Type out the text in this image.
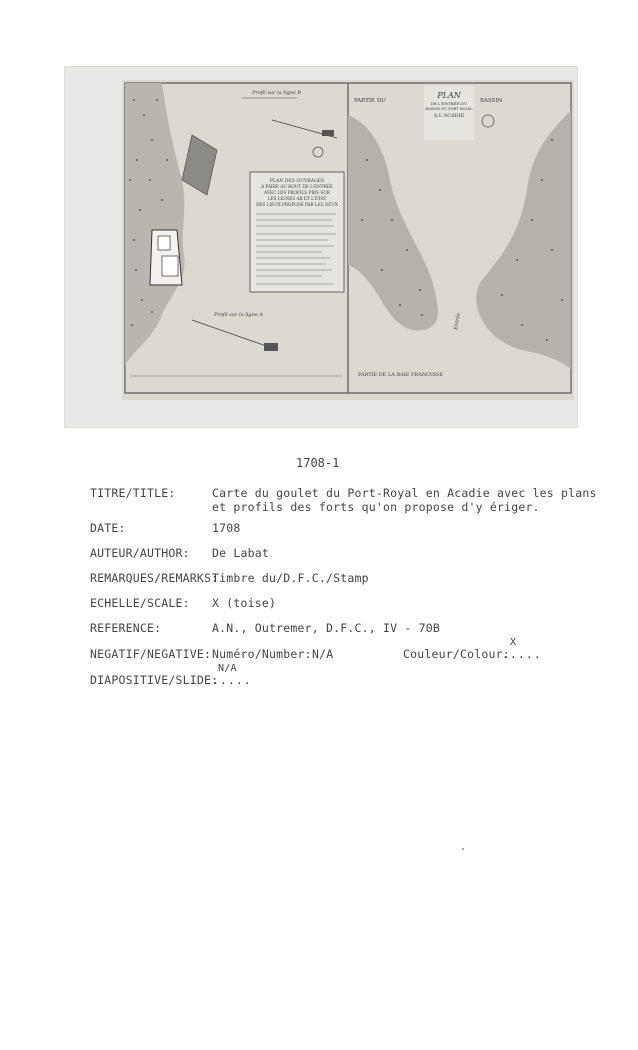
Profil sur la ligne B
Profil sur la ligne A
PLAN DES OUVRAGES
A FAIRE AU BOUT DE L'ENTRÉE
AVEC LES PROFILS PRIS SUR
LES LIGNES AB ET L'ETAT
DES LIEUX PROPOSÉ PAR LES DEUX
PLAN
DE L'ENTRÉE DU
BASSIN DU PORT ROYAL
A L'ACADIE
PARTIE DU	BASSIN
PARTIE DE LA BAIE FRANCOISE
Entrée
1708-1
TITRE/TITLE:	Carte du goulet du Port-Royal en Acadie avec les plans
et profils des forts qu'on propose d'y ériger.
DATE:	1708
AUTEUR/AUTHOR: De Labat
REMARQUES/REMARKS:
Timbre du/D.F.C./Stamp
ECHELLE/SCALE: X (toise)
REFERENCE:	A.N., Outremer, D.F.C., IV - 70B
NEGATIF/NEGATIVE: Numéro/Number: N/A	Couleur/Colour:
X
.....
DIAPOSITIVE/SLIDE:
N/A
.....
